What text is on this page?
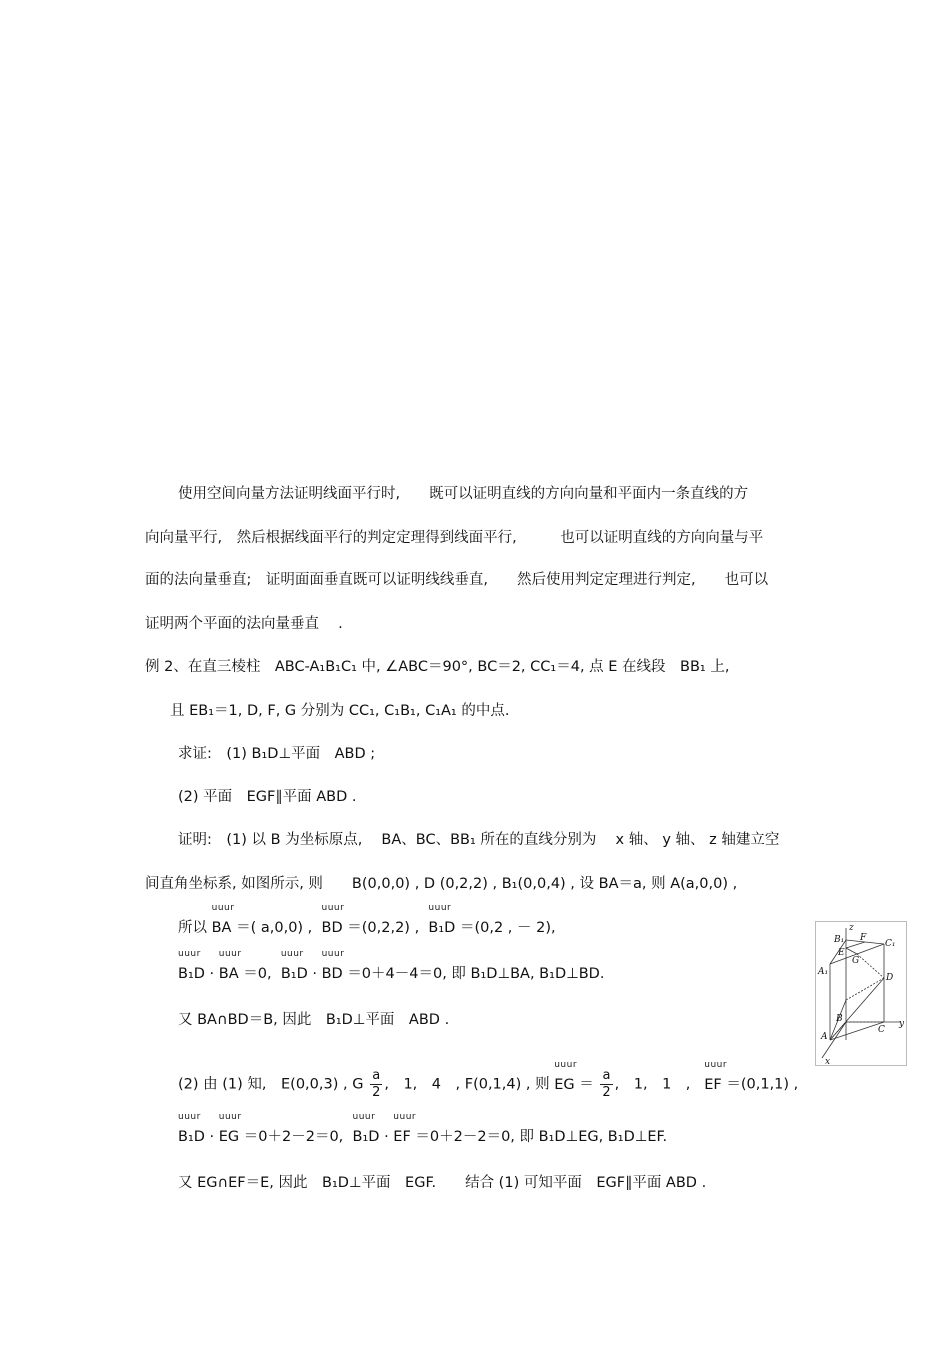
使用空间向量方法证明线面平行时,　　既可以证明直线的方向向量和平面内一条直线的方
向向量平行,　然后根据线面平行的判定定理得到线面平行,　　　也可以证明直线的方向向量与平
面的法向量垂直;　证明面面垂直既可以证明线线垂直,　　然后使用判定定理进行判定,　　也可以
证明两个平面的法向量垂直　 .
例 2、在直三棱柱　ABC-A₁B₁C₁ 中, ∠ABC＝90°, BC＝2, CC₁＝4, 点 E 在线段　BB₁ 上,
且 EB₁＝1, D, F, G 分别为 CC₁, C₁B₁, C₁A₁ 的中点.
求证:　(1) B₁D⊥平面　ABD ;
(2) 平面　EGF∥平面 ABD .
证明:　(1) 以 B 为坐标原点,　 BA、BC、BB₁ 所在的直线分别为　 x 轴、 y 轴、 z 轴建立空
间直角坐标系, 如图所示, 则　　B(0,0,0) , D (0,2,2) , B₁(0,0,4) , 设 BA＝a, 则 A(a,0,0) ,
所以
uuur
BA ＝( a,0,0) ,
uuur
BD ＝(0,2,2) ,
uuur
B₁D ＝(0,2 , － 2),
uuur
B₁D ·
uuur
BA ＝0,
uuur
B₁D ·
uuur
BD ＝0＋4－4＝0, 即 B₁D⊥BA, B₁D⊥BD.
又 BA∩BD＝B, 因此　B₁D⊥平面　ABD .
(2) 由 (1) 知,　E(0,0,3) , G $\frac{a}{2}$ ,　1,　4　, F(0,1,4) , 则
uuur
EG ＝ $\frac{a}{2}$ ,　1,　1　,
uuur
EF ＝(0,1,1) ,
uuur
B₁D ·
uuur
EG ＝0＋2－2＝0,
uuur
B₁D ·
uuur
EF ＝0＋2－2＝0, 即 B₁D⊥EG, B₁D⊥EF.
又 EG∩EF＝E, 因此　B₁D⊥平面　EGF.　　结合 (1) 可知平面　EGF∥平面 ABD .
z
y
x
A
B
C
A₁
B₁	C₁
D
E
F
G
